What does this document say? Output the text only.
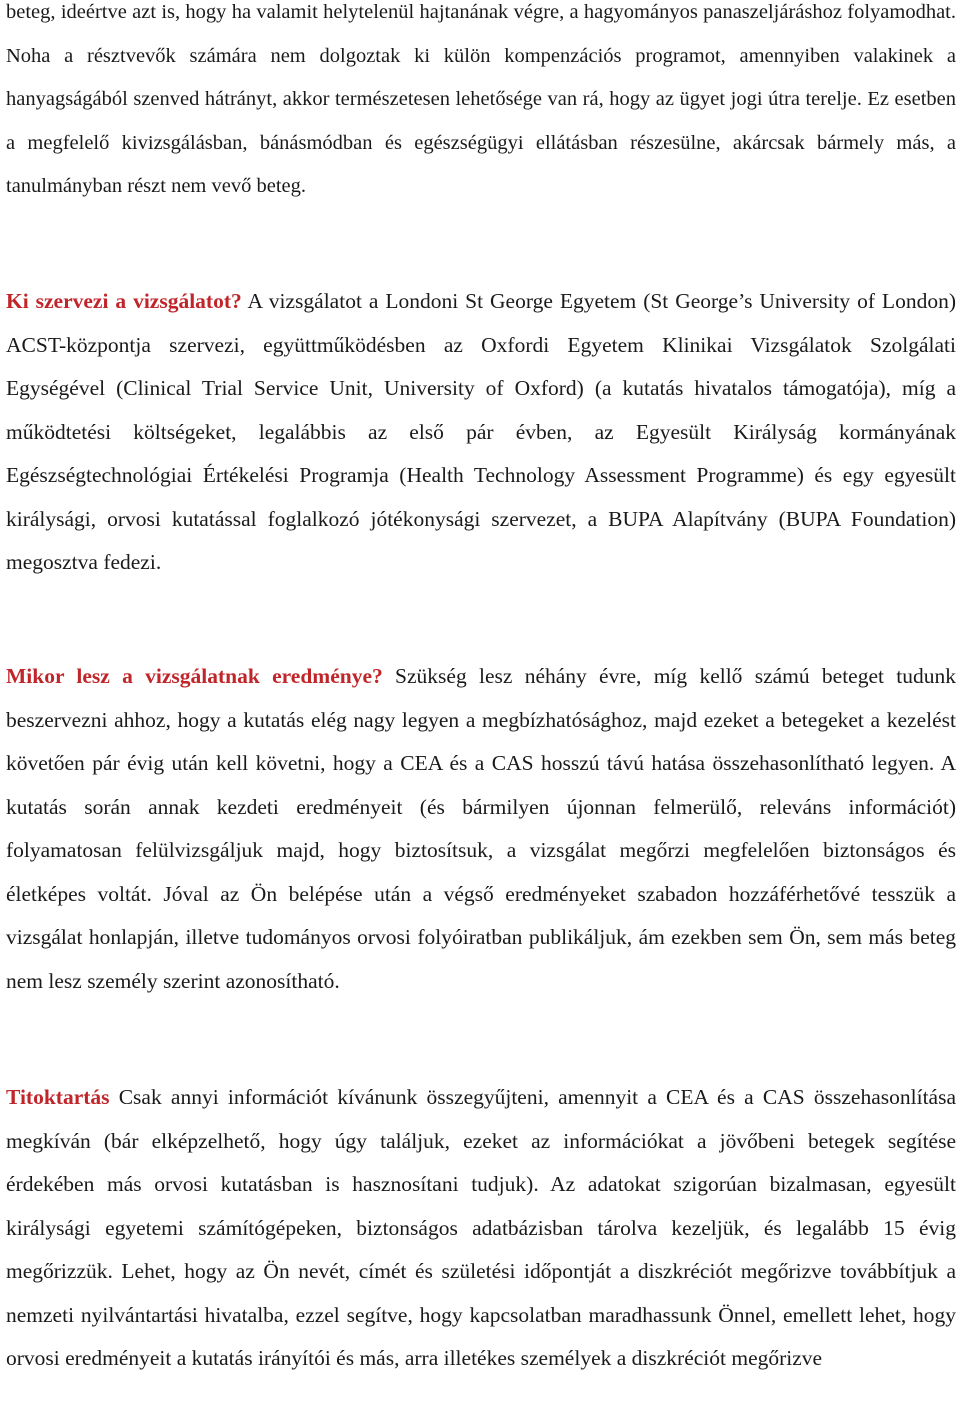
beteg, ideértve azt is, hogy ha valamit helytelenül hajtanának végre, a hagyományos panaszeljáráshoz folyamodhat. Noha a résztvevők számára nem dolgoztak ki külön kompenzációs programot, amennyiben valakinek a hanyagságából szenved hátrányt, akkor természetesen lehetősége van rá, hogy az ügyet jogi útra terelje. Ez esetben a megfelelő kivizsgálásban, bánásmódban és egészségügyi ellátásban részesülne, akárcsak bármely más, a tanulmányban részt nem vevő beteg.

Ki szervezi a vizsgálatot? A vizsgálatot a Londoni St George Egyetem (St George’s University of London) ACST-központja szervezi, együttműködésben az Oxfordi Egyetem Klinikai Vizsgálatok Szolgálati Egységével (Clinical Trial Service Unit, University of Oxford) (a kutatás hivatalos támogatója), míg a működtetési költségeket, legalábbis az első pár évben, az Egyesült Királyság kormányának Egészségtechnológiai Értékelési Programja (Health Technology Assessment Programme) és egy egyesült királysági, orvosi kutatással foglalkozó jótékonysági szervezet, a BUPA Alapítvány (BUPA Foundation) megosztva fedezi.

Mikor lesz a vizsgálatnak eredménye? Szükség lesz néhány évre, míg kellő számú beteget tudunk beszervezni ahhoz, hogy a kutatás elég nagy legyen a megbízhatósághoz, majd ezeket a betegeket a kezelést követően pár évig után kell követni, hogy a CEA és a CAS hosszú távú hatása összehasonlítható legyen. A kutatás során annak kezdeti eredményeit (és bármilyen újonnan felmerülő, releváns információt) folyamatosan felülvizsgáljuk majd, hogy biztosítsuk, a vizsgálat megőrzi megfelelően biztonságos és életképes voltát. Jóval az Ön belépése után a végső eredményeket szabadon hozzáférhetővé tesszük a vizsgálat honlapján, illetve tudományos orvosi folyóiratban publikáljuk, ám ezekben sem Ön, sem más beteg nem lesz személy szerint azonosítható.

Titoktartás Csak annyi információt kívánunk összegyűjteni, amennyit a CEA és a CAS összehasonlítása megkíván (bár elképzelhető, hogy úgy találjuk, ezeket az információkat a jövőbeni betegek segítése érdekében más orvosi kutatásban is hasznosítani tudjuk). Az adatokat szigorúan bizalmasan, egyesült királysági egyetemi számítógépeken, biztonságos adatbázisban tárolva kezeljük, és legalább 15 évig megőrizzük. Lehet, hogy az Ön nevét, címét és születési időpontját a diszkréciót megőrizve továbbítjuk a nemzeti nyilvántartási hivatalba, ezzel segítve, hogy kapcsolatban maradhassunk Önnel, emellett lehet, hogy orvosi eredményeit a kutatás irányítói és más, arra illetékes személyek a diszkréciót megőrizve
